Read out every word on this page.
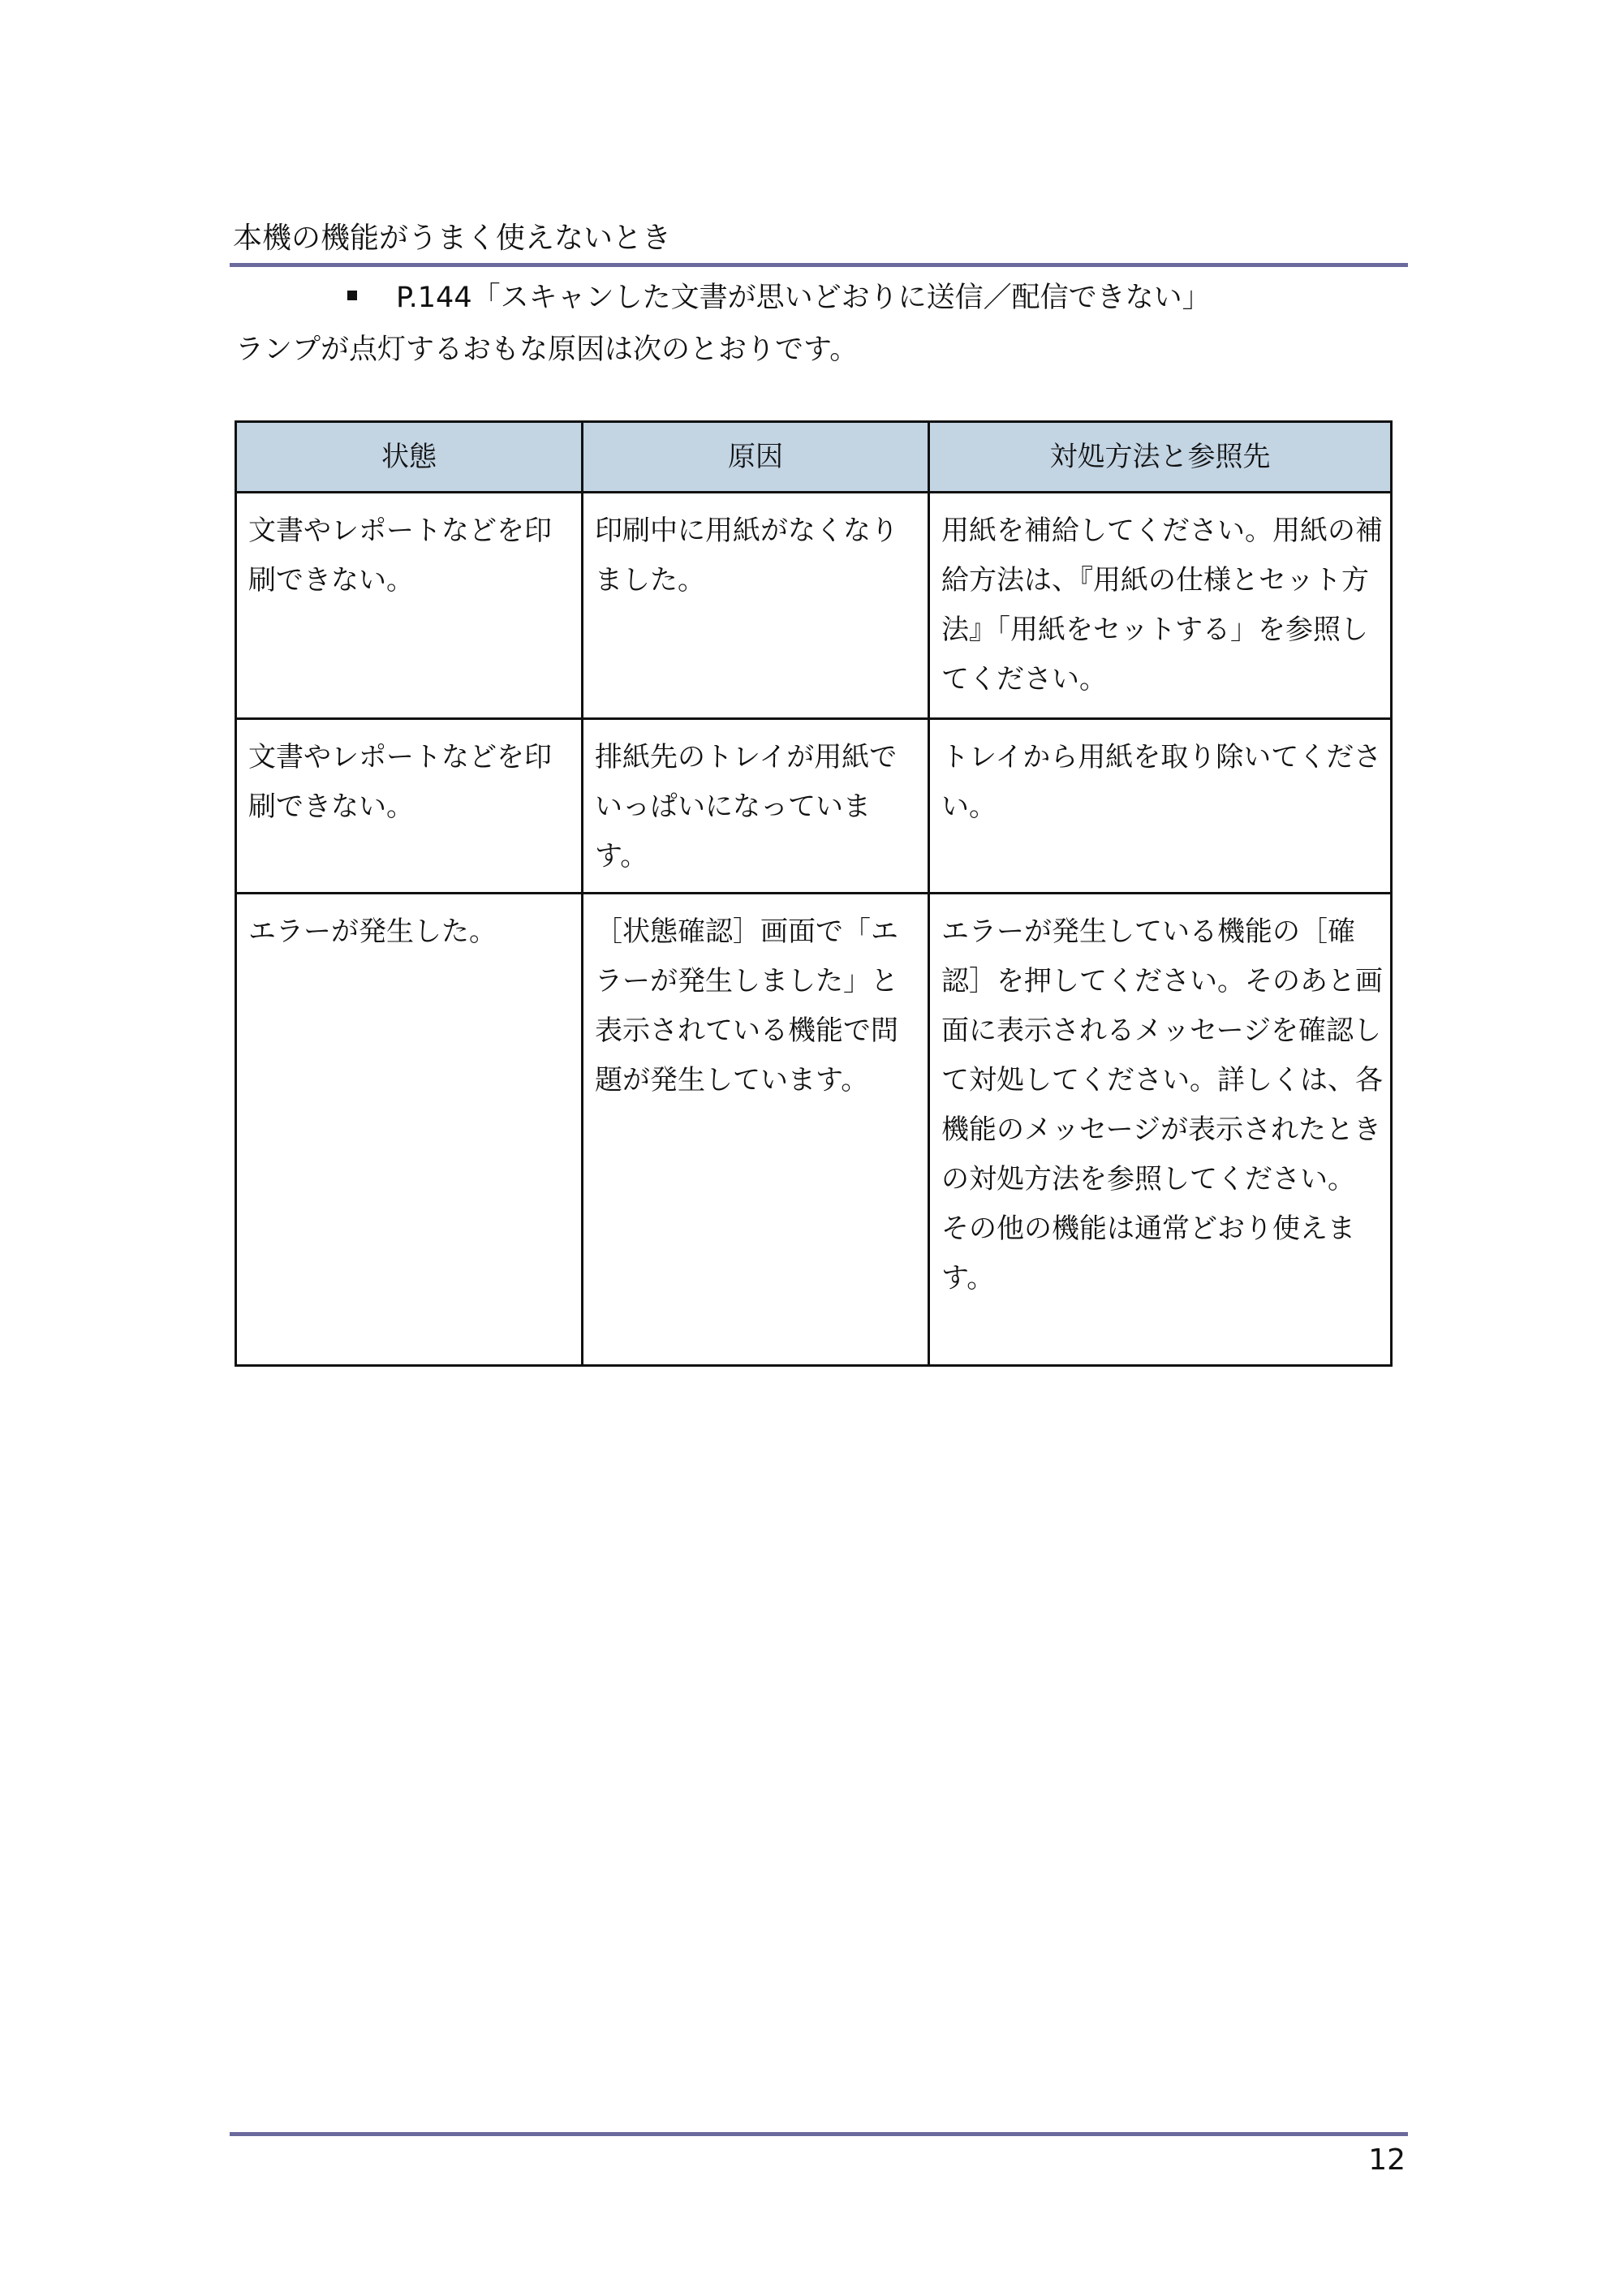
本機の機能がうまく使えないとき
P.144「スキャンした文書が思いどおりに送信／配信できない」
ランプが点灯するおもな原因は次のとおりです。
状態	原因	対処方法と参照先
文書やレポートなどを印刷できない。	印刷中に用紙がなくなりました。	用紙を補給してください。用紙の補給方法は、『用紙の仕様とセット方法』「用紙をセットする」を参照してください。
文書やレポートなどを印刷できない。	排紙先のトレイが用紙でいっぱいになっています。	トレイから用紙を取り除いてください。
エラーが発生した。	［状態確認］画面で「エラーが発生しました」と表示されている機能で問題が発生しています。	エラーが発生している機能の［確認］を押してください。そのあと画面に表示されるメッセージを確認して対処してください。詳しくは、各機能のメッセージが表示されたときの対処方法を参照してください。
その他の機能は通常どおり使えます。
12
